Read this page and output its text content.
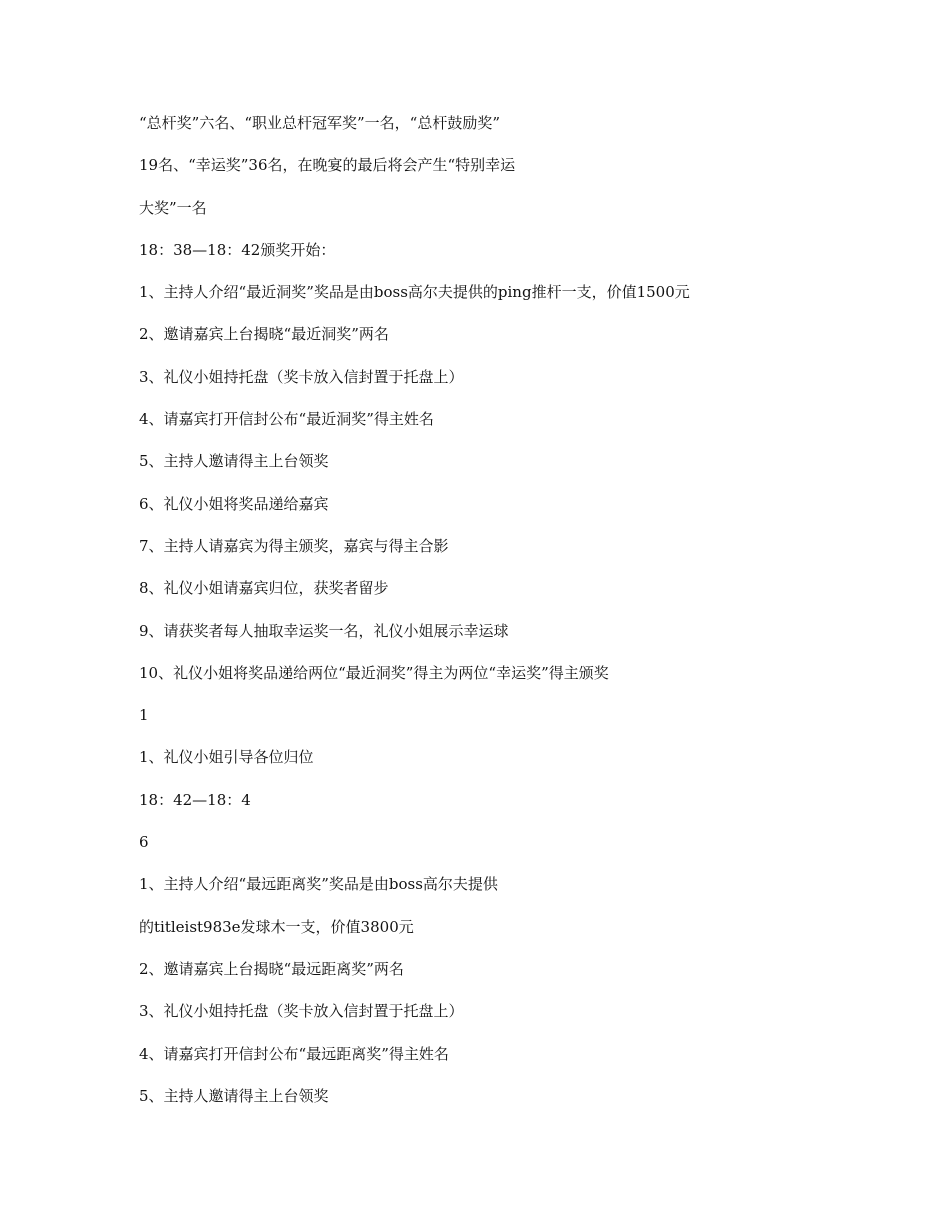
“总杆奖”六名、“职业总杆冠军奖”一名，“总杆鼓励奖”
19名、“幸运奖”36名，在晚宴的最后将会产生“特别幸运
大奖”一名
18：38—18：42颁奖开始：
1、主持人介绍“最近洞奖”奖品是由boss高尔夫提供的ping推杆一支，价值1500元
2、邀请嘉宾上台揭晓“最近洞奖”两名
3、礼仪小姐持托盘（奖卡放入信封置于托盘上）
4、请嘉宾打开信封公布“最近洞奖”得主姓名
5、主持人邀请得主上台领奖
6、礼仪小姐将奖品递给嘉宾
7、主持人请嘉宾为得主颁奖，嘉宾与得主合影
8、礼仪小姐请嘉宾归位，获奖者留步
9、请获奖者每人抽取幸运奖一名，礼仪小姐展示幸运球
10、礼仪小姐将奖品递给两位“最近洞奖”得主为两位“幸运奖”得主颁奖
1
1、礼仪小姐引导各位归位
18：42—18：4
6
1、主持人介绍“最远距离奖”奖品是由boss高尔夫提供
的titleist983e发球木一支，价值3800元
2、邀请嘉宾上台揭晓“最远距离奖”两名
3、礼仪小姐持托盘（奖卡放入信封置于托盘上）
4、请嘉宾打开信封公布“最远距离奖”得主姓名
5、主持人邀请得主上台领奖
